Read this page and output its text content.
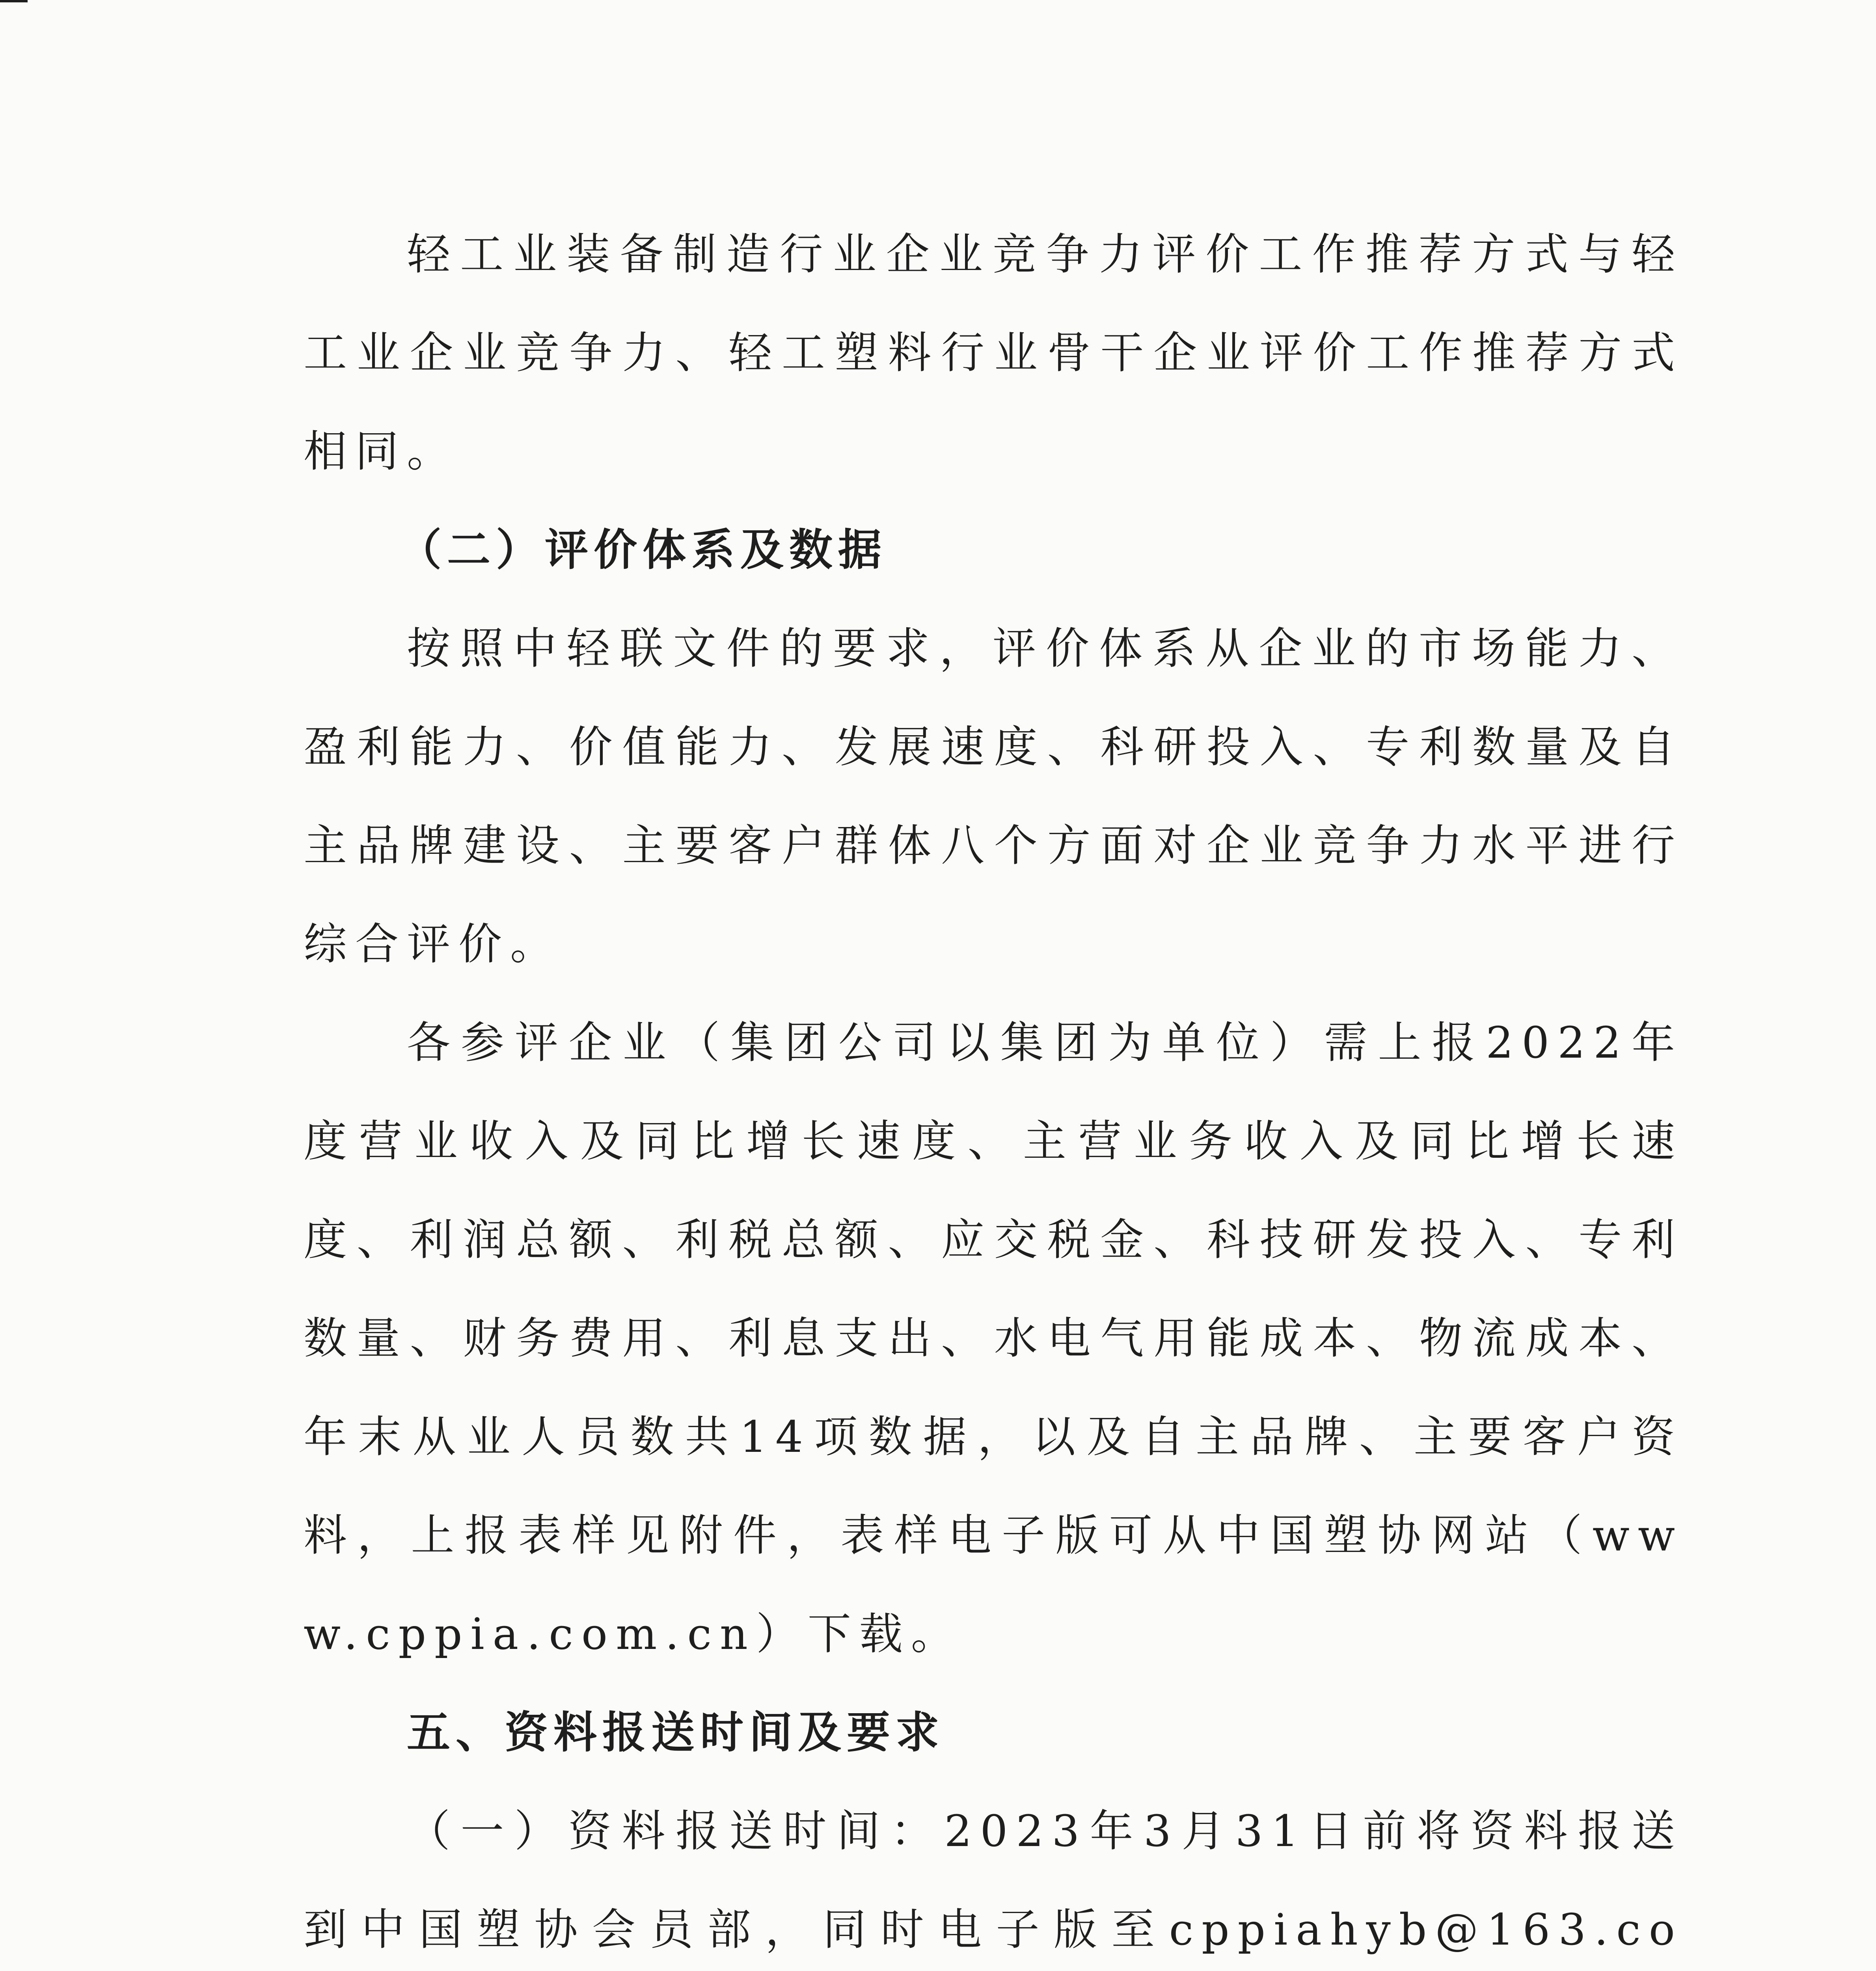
轻工业装备制造行业企业竞争力评价工作推荐方式与轻工业企业竞争力、轻工塑料行业骨干企业评价工作推荐方式相同。

（二）评价体系及数据

按照中轻联文件的要求，评价体系从企业的市场能力、盈利能力、价值能力、发展速度、科研投入、专利数量及自主品牌建设、主要客户群体八个方面对企业竞争力水平进行综合评价。

各参评企业（集团公司以集团为单位）需上报2022年度营业收入及同比增长速度、主营业务收入及同比增长速度、利润总额、利税总额、应交税金、科技研发投入、专利数量、财务费用、利息支出、水电气用能成本、物流成本、年末从业人员数共14项数据，以及自主品牌、主要客户资料，上报表样见附件，表样电子版可从中国塑协网站（www.cppia.com.cn）下载。

五、资料报送时间及要求

（一）资料报送时间：2023年3月31日前将资料报送到中国塑协会员部，同时电子版至cppiahyb@163.co
